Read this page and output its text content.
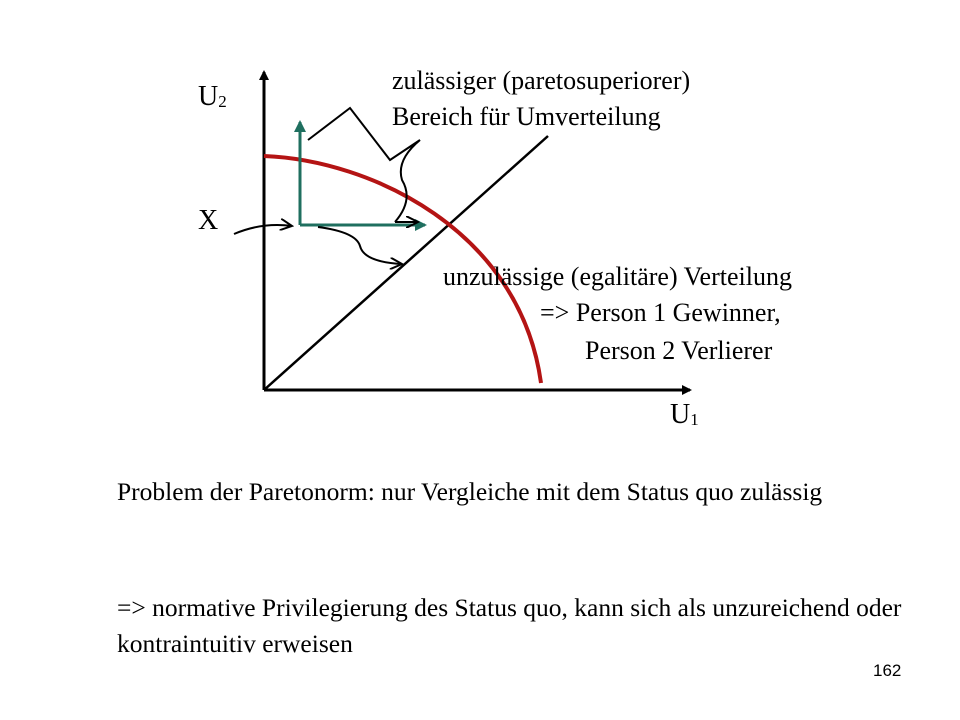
$U_2$
$U_1$
X
zulässiger (paretosuperiorer)
Bereich für Umverteilung
unzulässige (egalitäre) Verteilung
=> Person 1 Gewinner,
Person 2 Verlierer
Problem der Paretonorm: nur Vergleiche mit dem Status quo zulässig
=> normative Privilegierung des Status quo, kann sich als unzureichend oder kontraintuitiv erweisen
162
